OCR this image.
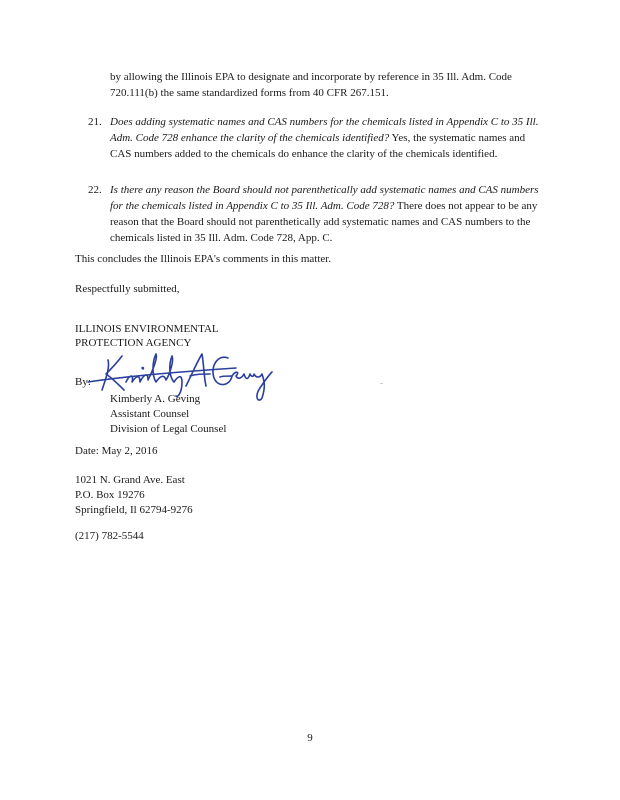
by allowing the Illinois EPA to designate and incorporate by reference in 35 Ill. Adm. Code 720.111(b) the same standardized forms from 40 CFR 267.151.
21. Does adding systematic names and CAS numbers for the chemicals listed in Appendix C to 35 Ill. Adm. Code 728 enhance the clarity of the chemicals identified? Yes, the systematic names and CAS numbers added to the chemicals do enhance the clarity of the chemicals identified.
22. Is there any reason the Board should not parenthetically add systematic names and CAS numbers for the chemicals listed in Appendix C to 35 Ill. Adm. Code 728? There does not appear to be any reason that the Board should not parenthetically add systematic names and CAS numbers to the chemicals listed in 35 Ill. Adm. Code 728, App. C.
This concludes the Illinois EPA's comments in this matter.
Respectfully submitted,
ILLINOIS ENVIRONMENTAL
PROTECTION AGENCY
By:
Kimberly A. Geving
Assistant Counsel
Division of Legal Counsel
Date: May 2, 2016
1021 N. Grand Ave. East
P.O. Box 19276
Springfield, Il 62794-9276
(217) 782-5544
9
